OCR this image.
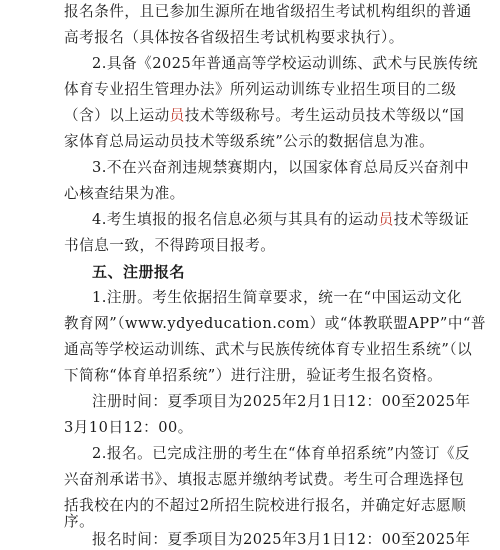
报名条件，且已参加生源所在地省级招生考试机构组织的普通
高考报名（具体按各省级招生考试机构要求执行）。
2.具备《2025年普通高等学校运动训练、武术与民族传统
体育专业招生管理办法》所列运动训练专业招生项目的二级
（含）以上运动员技术等级称号。考生运动员技术等级以“国
家体育总局运动员技术等级系统”公示的数据信息为准。
3.不在兴奋剂违规禁赛期内，以国家体育总局反兴奋剂中
心核查结果为准。
4.考生填报的报名信息必须与其具有的运动员技术等级证
书信息一致，不得跨项目报考。
五、注册报名
1.注册。考生依据招生简章要求，统一在“中国运动文化
教育网”（www.ydyeducation.com）或“体教联盟APP”中“普
通高等学校运动训练、武术与民族传统体育专业招生系统”（以
下简称“体育单招系统”）进行注册，验证考生报名资格。
注册时间：夏季项目为2025年2月1日12：00至2025年
3月10日12：00。
2.报名。已完成注册的考生在“体育单招系统”内签订《反
兴奋剂承诺书》、填报志愿并缴纳考试费。考生可合理选择包
括我校在内的不超过2所招生院校进行报名，并确定好志愿顺
序。
报名时间：夏季项目为2025年3月1日12：00至2025年
